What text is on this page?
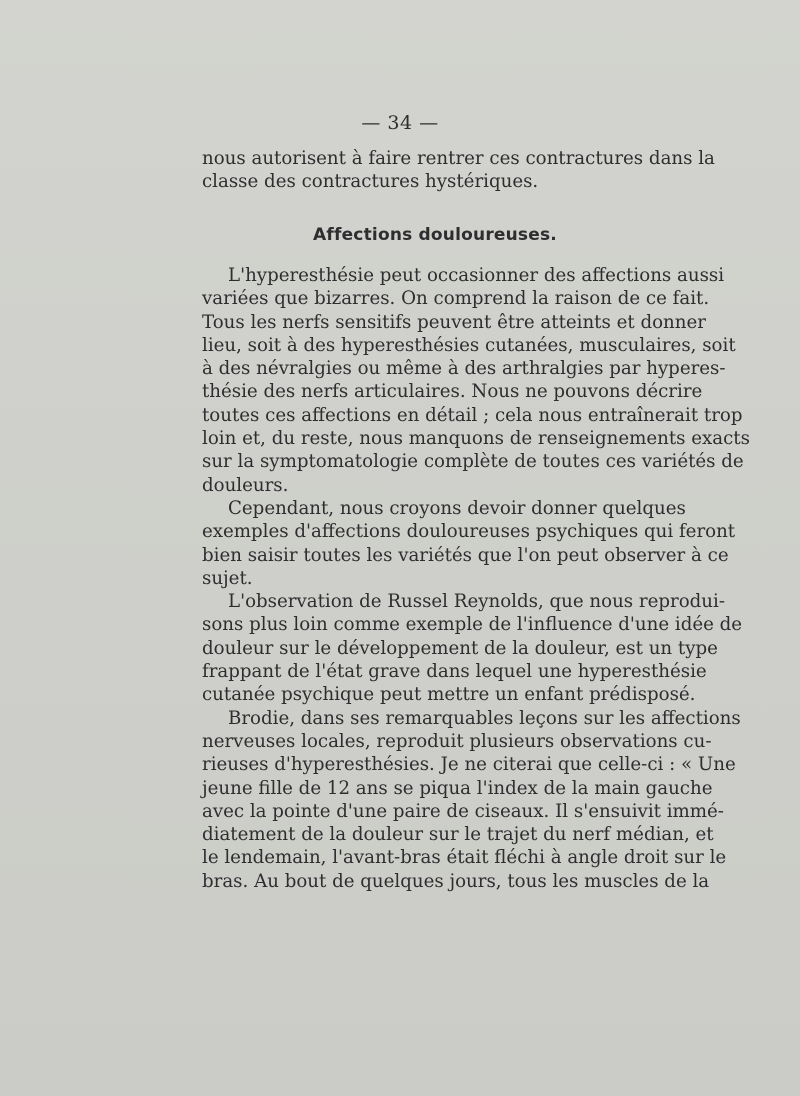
— 34 —
nous autorisent à faire rentrer ces contractures dans la
classe des contractures hystériques.
Affections douloureuses.
L'hyperesthésie peut occasionner des affections aussi
variées que bizarres. On comprend la raison de ce fait.
Tous les nerfs sensitifs peuvent être atteints et donner
lieu, soit à des hyperesthésies cutanées, musculaires, soit
à des névralgies ou même à des arthralgies par hyperes-
thésie des nerfs articulaires. Nous ne pouvons décrire
toutes ces affections en détail ; cela nous entraînerait trop
loin et, du reste, nous manquons de renseignements exacts
sur la symptomatologie complète de toutes ces variétés de
douleurs.
Cependant, nous croyons devoir donner quelques
exemples d'affections douloureuses psychiques qui feront
bien saisir toutes les variétés que l'on peut observer à ce
sujet.
L'observation de Russel Reynolds, que nous reprodui-
sons plus loin comme exemple de l'influence d'une idée de
douleur sur le développement de la douleur, est un type
frappant de l'état grave dans lequel une hyperesthésie
cutanée psychique peut mettre un enfant prédisposé.
Brodie, dans ses remarquables leçons sur les affections
nerveuses locales, reproduit plusieurs observations cu-
rieuses d'hyperesthésies. Je ne citerai que celle-ci : « Une
jeune fille de 12 ans se piqua l'index de la main gauche
avec la pointe d'une paire de ciseaux. Il s'ensuivit immé-
diatement de la douleur sur le trajet du nerf médian, et
le lendemain, l'avant-bras était fléchi à angle droit sur le
bras. Au bout de quelques jours, tous les muscles de la
